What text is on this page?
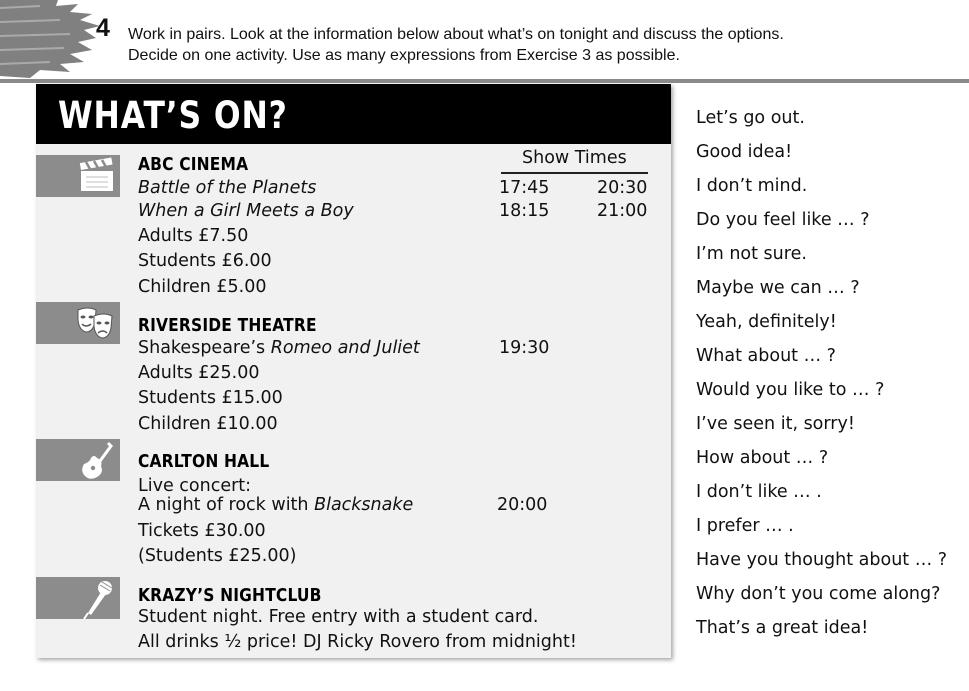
4 Work in pairs. Look at the information below about what’s on tonight and discuss the options.
Decide on one activity. Use as many expressions from Exercise 3 as possible.
WHAT’S ON?
Show Times
ABC CINEMA
Battle of the Planets	17:45	20:30
When a Girl Meets a Boy	18:15	21:00
Adults £7.50
Students £6.00
Children £5.00
RIVERSIDE THEATRE
Shakespeare’s Romeo and Juliet	19:30
Adults £25.00
Students £15.00
Children £10.00
CARLTON HALL
Live concert:
A night of rock with Blacksnake	20:00
Tickets £30.00
(Students £25.00)
KRAZY’S NIGHTCLUB
Student night. Free entry with a student card.
All drinks ½ price! DJ Ricky Rovero from midnight!
Let’s go out.
Good idea!
I don’t mind.
Do you feel like … ?
I’m not sure.
Maybe we can … ?
Yeah, definitely!
What about … ?
Would you like to … ?
I’ve seen it, sorry!
How about … ?
I don’t like … .
I prefer … .
Have you thought about … ?
Why don’t you come along?
That’s a great idea!
